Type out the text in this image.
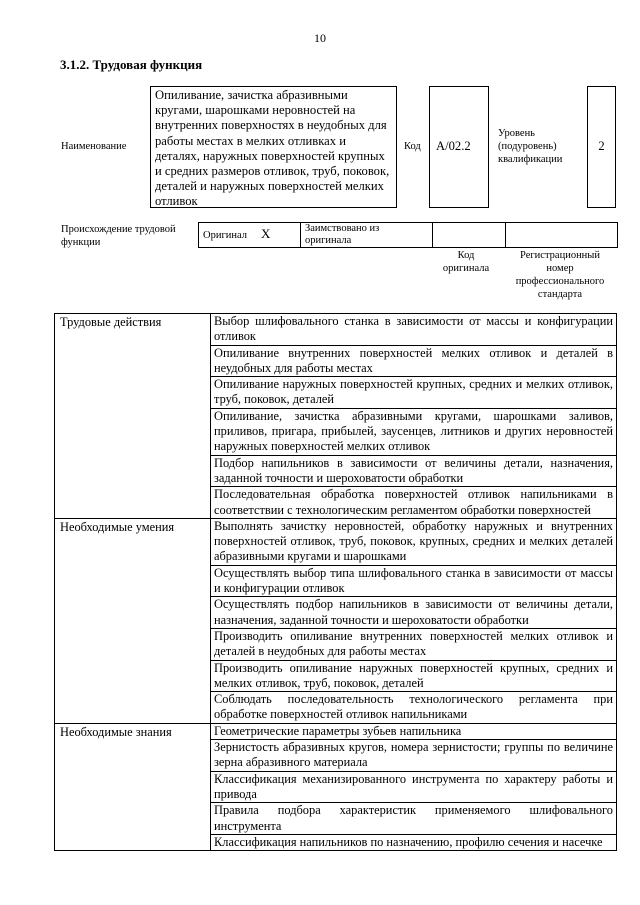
10
3.1.2. Трудовая функция
Наименование
Опиливание, зачистка абразивными кругами, шарошками неровностей на внутренних поверхностях в неудобных для работы местах в мелких отливках и деталях, наружных поверхностей крупных и средних размеров отливок, труб, поковок, деталей и наружных поверхностей мелких отливок
Код	А/02.2
Уровень
(подуровень)
квалификации
2
Происхождение трудовой функции
Оригинал X	Заимствовано из оригинала		
Код оригинала
Регистрационный номер профессионального стандарта
Трудовые действия	Выбор шлифовального станка в зависимости от массы и конфигурации отливок
	Опиливание внутренних поверхностей мелких отливок и деталей в неудобных для работы местах
	Опиливание наружных поверхностей крупных, средних и мелких отливок, труб, поковок, деталей
	Опиливание, зачистка абразивными кругами, шарошками заливов, приливов, пригара, прибылей, заусенцев, литников и других неровностей наружных поверхностей мелких отливок
	Подбор напильников в зависимости от величины детали, назначения, заданной точности и шероховатости обработки
	Последовательная обработка поверхностей отливок напильниками в соответствии с технологическим регламентом обработки поверхностей
Необходимые умения	Выполнять зачистку неровностей, обработку наружных и внутренних поверхностей отливок, труб, поковок, крупных, средних и мелких деталей абразивными кругами и шарошками
	Осуществлять выбор типа шлифовального станка в зависимости от массы и конфигурации отливок
	Осуществлять подбор напильников в зависимости от величины детали, назначения, заданной точности и шероховатости обработки
	Производить опиливание внутренних поверхностей мелких отливок и деталей в неудобных для работы местах
	Производить опиливание наружных поверхностей крупных, средних и мелких отливок, труб, поковок, деталей
	Соблюдать последовательность технологического регламента при обработке поверхностей отливок напильниками
Необходимые знания	Геометрические параметры зубьев напильника
	Зернистость абразивных кругов, номера зернистости; группы по величине зерна абразивного материала
	Классификация механизированного инструмента по характеру работы и привода
	Правила подбора характеристик применяемого шлифовального инструмента
	Классификация напильников по назначению, профилю сечения и насечке
